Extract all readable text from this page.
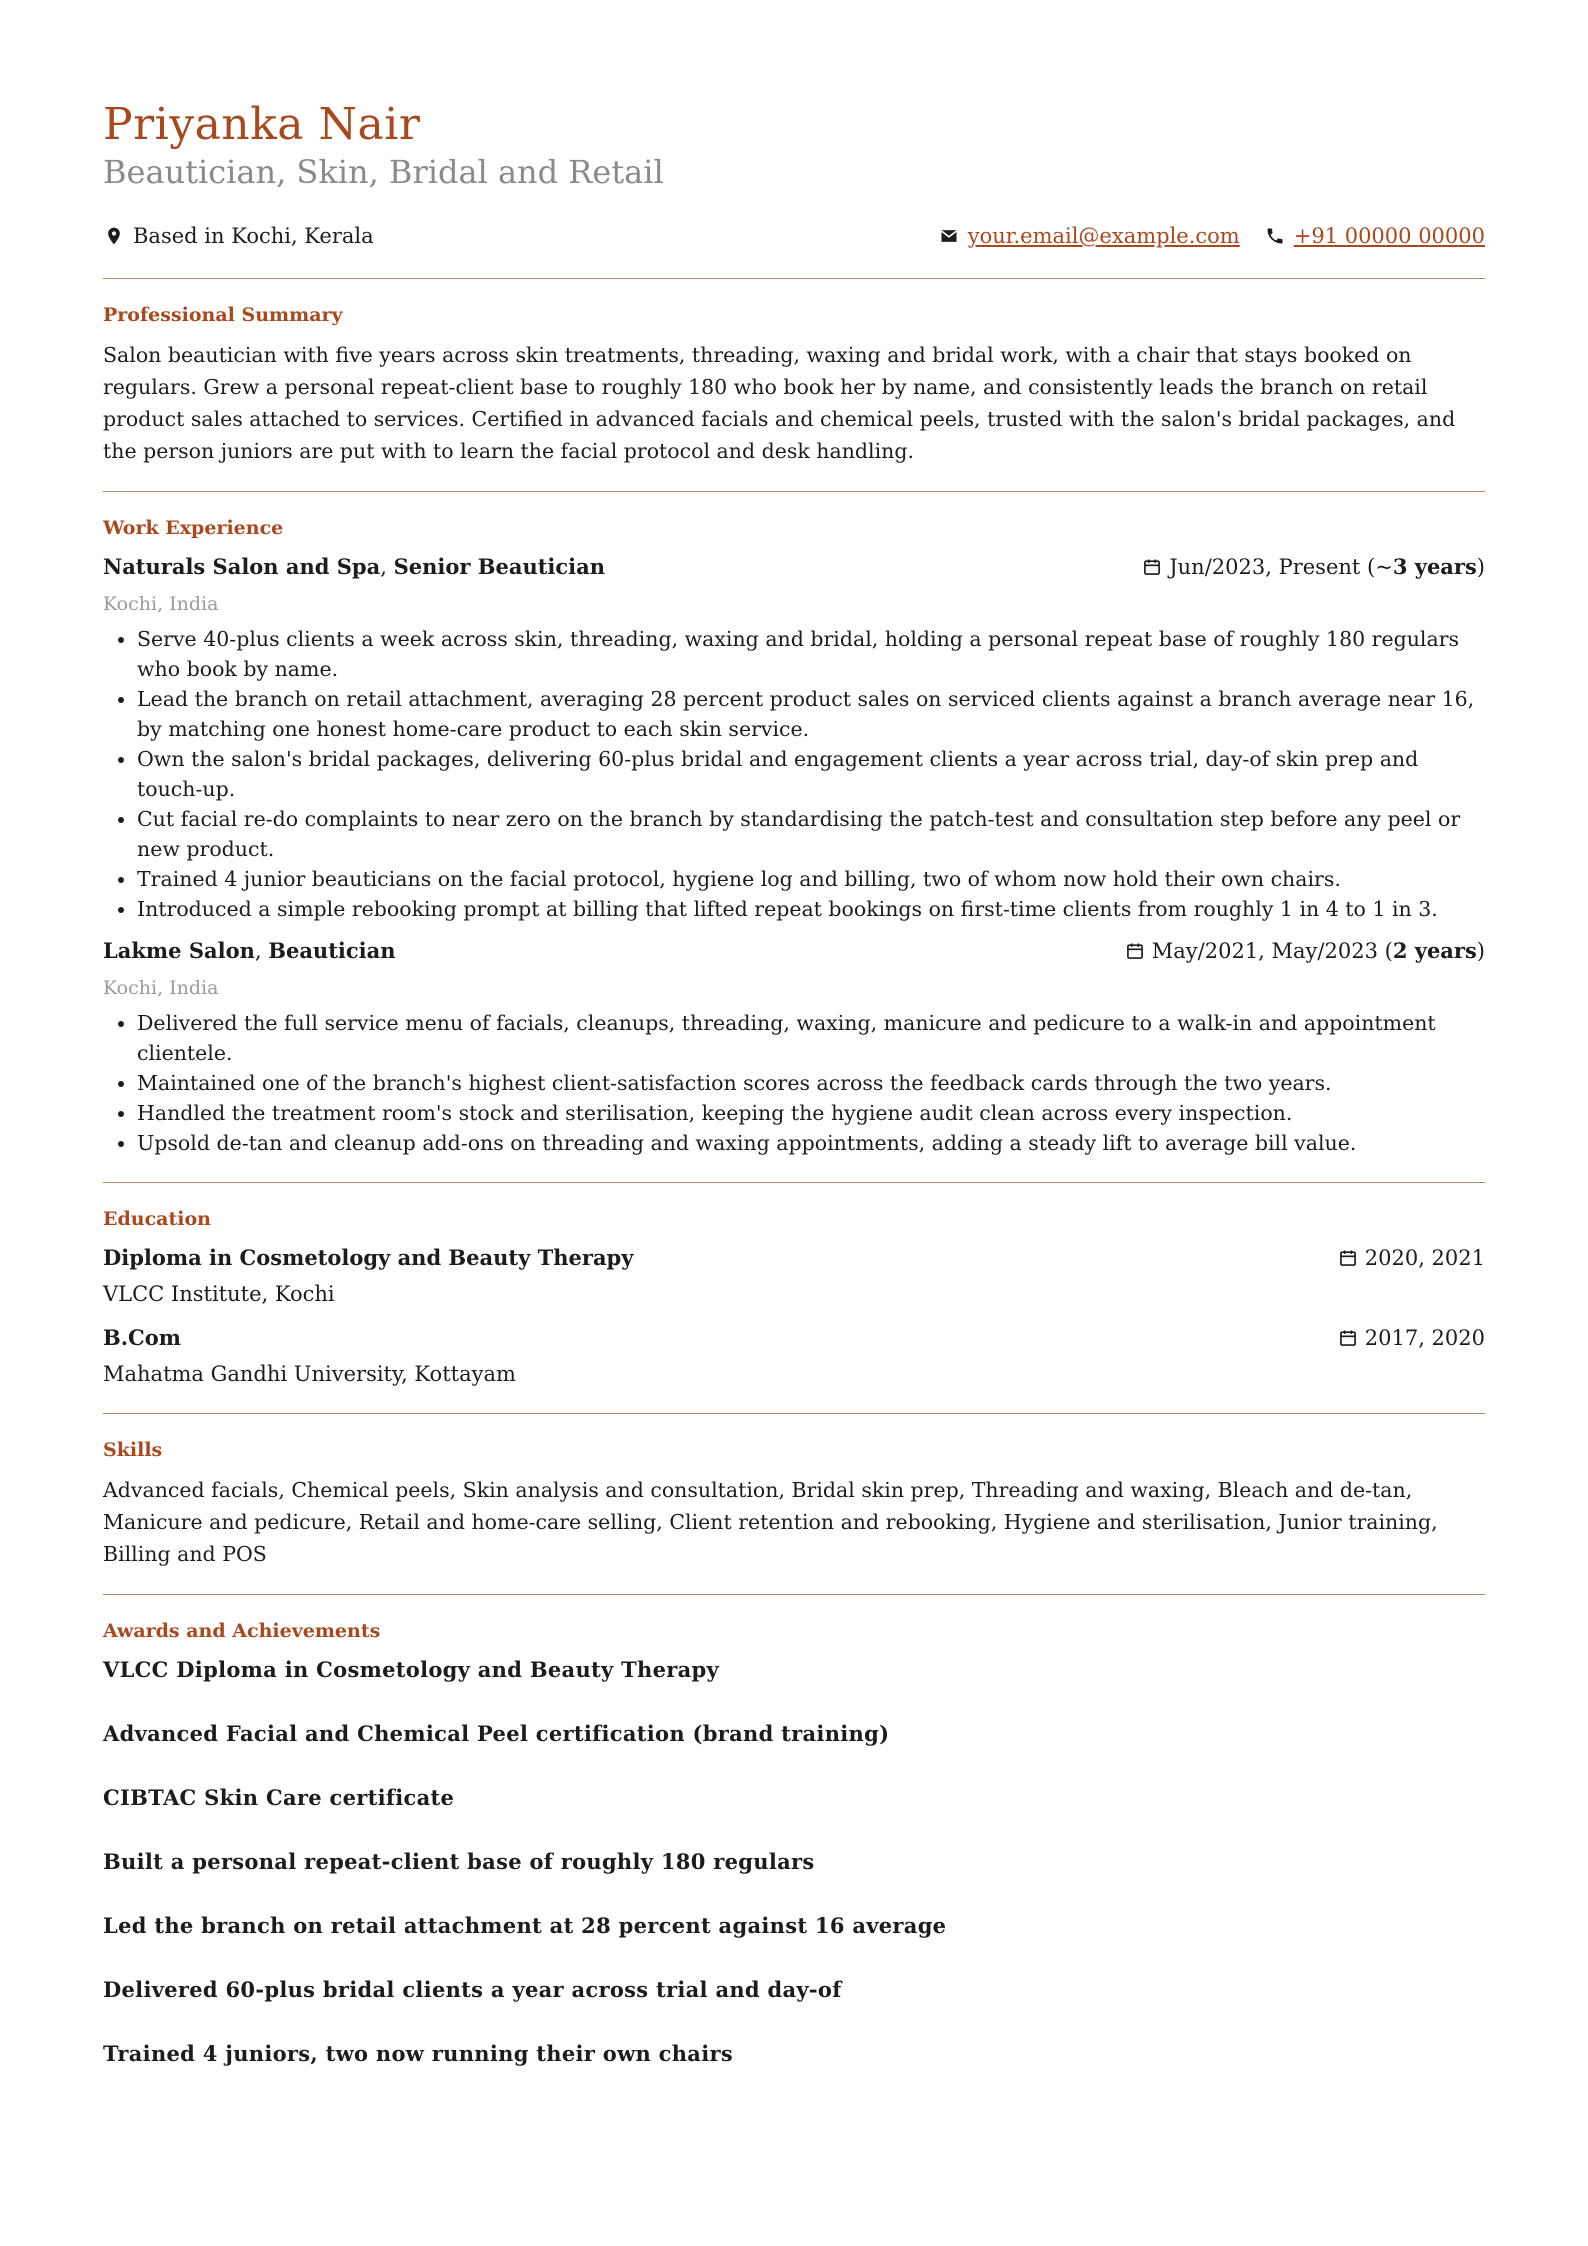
Priyanka Nair
Beautician, Skin, Bridal and Retail
Based in Kochi, Kerala	your.email@example.com	+91 00000 00000
Professional Summary

Salon beautician with five years across skin treatments, threading, waxing and bridal work, with a chair that stays booked on regulars. Grew a personal repeat-client base to roughly 180 who book her by name, and consistently leads the branch on retail product sales attached to services. Certified in advanced facials and chemical peels, trusted with the salon's bridal packages, and the person juniors are put with to learn the facial protocol and desk handling.

Work Experience
Naturals Salon and Spa, Senior Beautician	Jun/2023, Present (~ 3 years )
Kochi, India
• Serve 40-plus clients a week across skin, threading, waxing and bridal, holding a personal repeat base of roughly 180 regulars who book by name.
• Lead the branch on retail attachment, averaging 28 percent product sales on serviced clients against a branch average near 16, by matching one honest home-care product to each skin service.
• Own the salon's bridal packages, delivering 60-plus bridal and engagement clients a year across trial, day-of skin prep and touch-up.
• Cut facial re-do complaints to near zero on the branch by standardising the patch-test and consultation step before any peel or new product.
• Trained 4 junior beauticians on the facial protocol, hygiene log and billing, two of whom now hold their own chairs.
• Introduced a simple rebooking prompt at billing that lifted repeat bookings on first-time clients from roughly 1 in 4 to 1 in 3.
Lakme Salon, Beautician	May/2021, May/2023 ( 2 years )
Kochi, India
• Delivered the full service menu of facials, cleanups, threading, waxing, manicure and pedicure to a walk-in and appointment clientele.
• Maintained one of the branch's highest client-satisfaction scores across the feedback cards through the two years.
• Handled the treatment room's stock and sterilisation, keeping the hygiene audit clean across every inspection.
• Upsold de-tan and cleanup add-ons on threading and waxing appointments, adding a steady lift to average bill value.
Education
Diploma in Cosmetology and Beauty Therapy	2020, 2021
VLCC Institute, Kochi
B.Com	2017, 2020
Mahatma Gandhi University, Kottayam
Skills

Advanced facials, Chemical peels, Skin analysis and consultation, Bridal skin prep, Threading and waxing, Bleach and de-tan, Manicure and pedicure, Retail and home-care selling, Client retention and rebooking, Hygiene and sterilisation, Junior training, Billing and POS

Awards and Achievements
VLCC Diploma in Cosmetology and Beauty Therapy
Advanced Facial and Chemical Peel certification (brand training)
CIBTAC Skin Care certificate
Built a personal repeat-client base of roughly 180 regulars
Led the branch on retail attachment at 28 percent against 16 average
Delivered 60-plus bridal clients a year across trial and day-of
Trained 4 juniors, two now running their own chairs
